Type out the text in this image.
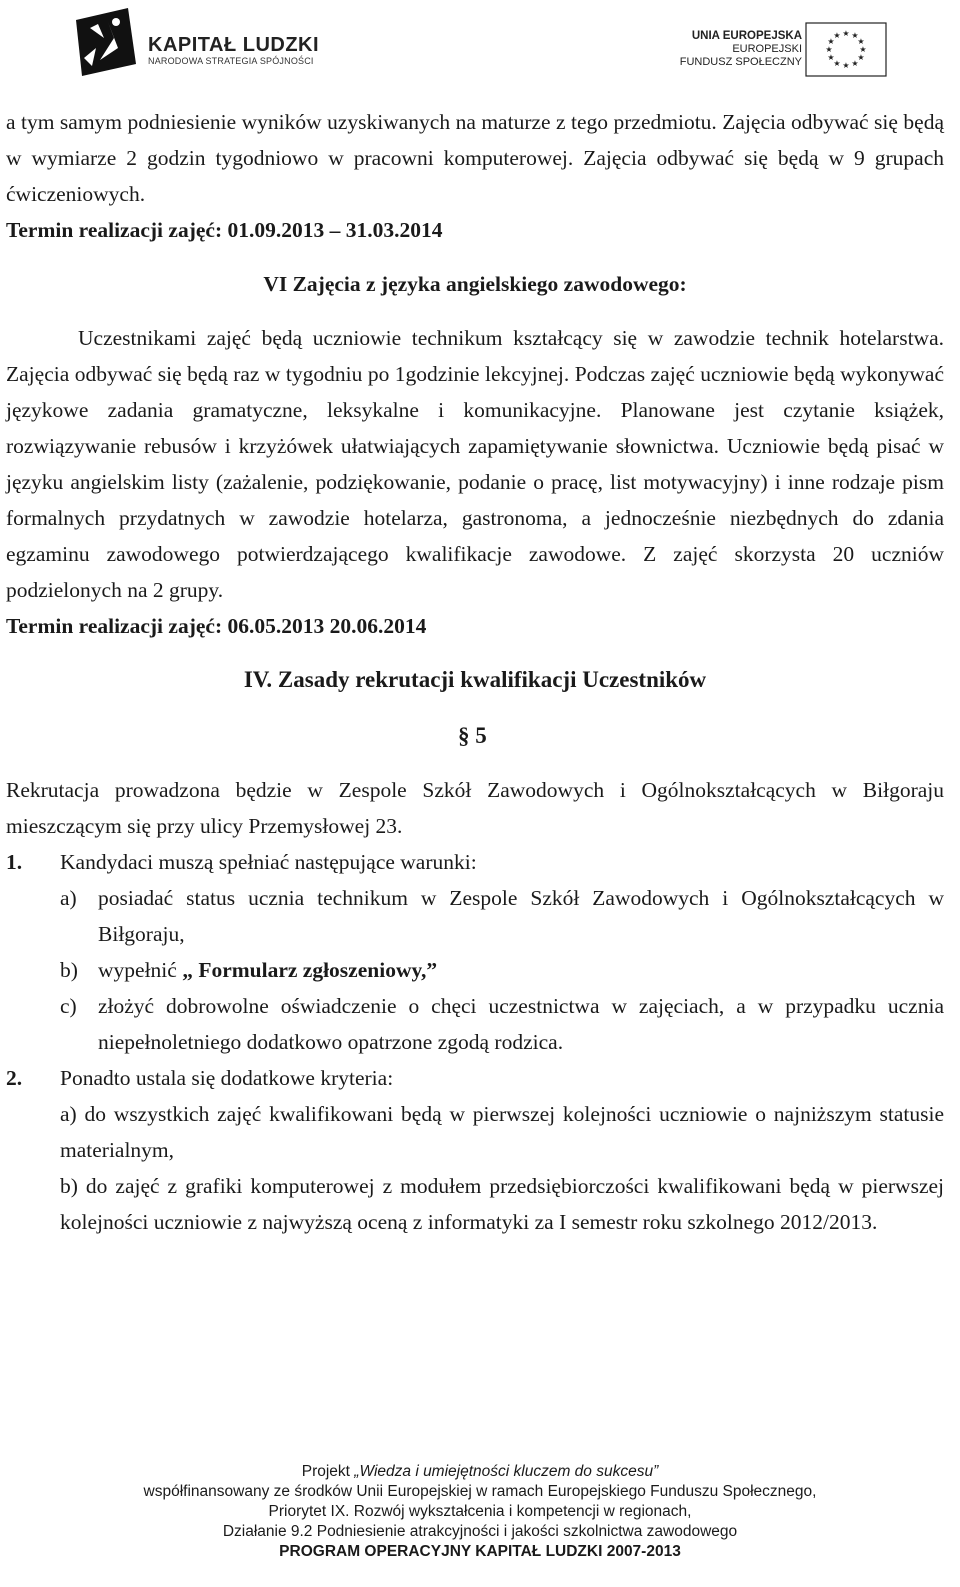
KAPITAŁ LUDZKI
NARODOWA STRATEGIA SPÓJNOŚCI
UNIA EUROPEJSKA
EUROPEJSKI
FUNDUSZ SPOŁECZNY
★ ★
★
★
★
★
★
★
★
★
★
★

a tym samym podniesienie wyników uzyskiwanych na maturze z tego przedmiotu. Zajęcia odbywać się będą w wymiarze 2 godzin tygodniowo w pracowni komputerowej. Zajęcia odbywać się będą w 9 grupach ćwiczeniowych.

Termin realizacji zajęć: 01.09.2013 – 31.03.2014

VI Zajęcia z języka angielskiego zawodowego:

Uczestnikami zajęć będą uczniowie technikum kształcący się w zawodzie technik hotelarstwa. Zajęcia odbywać się będą raz w tygodniu po 1godzinie lekcyjnej. Podczas zajęć uczniowie będą wykonywać językowe zadania gramatyczne, leksykalne i komunikacyjne. Planowane jest czytanie książek, rozwiązywanie rebusów i krzyżówek ułatwiających zapamiętywanie słownictwa. Uczniowie będą pisać w języku angielskim listy (zażalenie, podziękowanie, podanie o pracę, list motywacyjny) i inne rodzaje pism formalnych przydatnych w zawodzie hotelarza, gastronoma, a jednocześnie niezbędnych do zdania egzaminu zawodowego potwierdzającego kwalifikacje zawodowe. Z zajęć skorzysta 20 uczniów podzielonych na 2 grupy.

Termin realizacji zajęć: 06.05.2013 20.06.2014

IV. Zasady rekrutacji kwalifikacji Uczestników

§ 5

Rekrutacja prowadzona będzie w Zespole Szkół Zawodowych i Ogólnokształcących w Biłgoraju mieszczącym się przy ulicy Przemysłowej 23.

1. Kandydaci muszą spełniać następujące warunki:
a) posiadać status ucznia technikum w Zespole Szkół Zawodowych i Ogólnokształcących w Biłgoraju,
b) wypełnić „ Formularz zgłoszeniowy,”
c) złożyć dobrowolne oświadczenie o chęci uczestnictwa w zajęciach, a w przypadku ucznia niepełnoletniego dodatkowo opatrzone zgodą rodzica.
2. Ponadto ustala się dodatkowe kryteria:

a) do wszystkich zajęć kwalifikowani będą w pierwszej kolejności uczniowie o najniższym statusie materialnym,

b) do zajęć z grafiki komputerowej z modułem przedsiębiorczości kwalifikowani będą w pierwszej kolejności uczniowie z najwyższą oceną z informatyki za I semestr roku szkolnego 2012/2013.

Projekt „Wiedza i umiejętności kluczem do sukcesu”
współfinansowany ze środków Unii Europejskiej w ramach Europejskiego Funduszu Społecznego,
Priorytet IX. Rozwój wykształcenia i kompetencji w regionach,
Działanie 9.2 Podniesienie atrakcyjności i jakości szkolnictwa zawodowego
PROGRAM OPERACYJNY KAPITAŁ LUDZKI 2007-2013
